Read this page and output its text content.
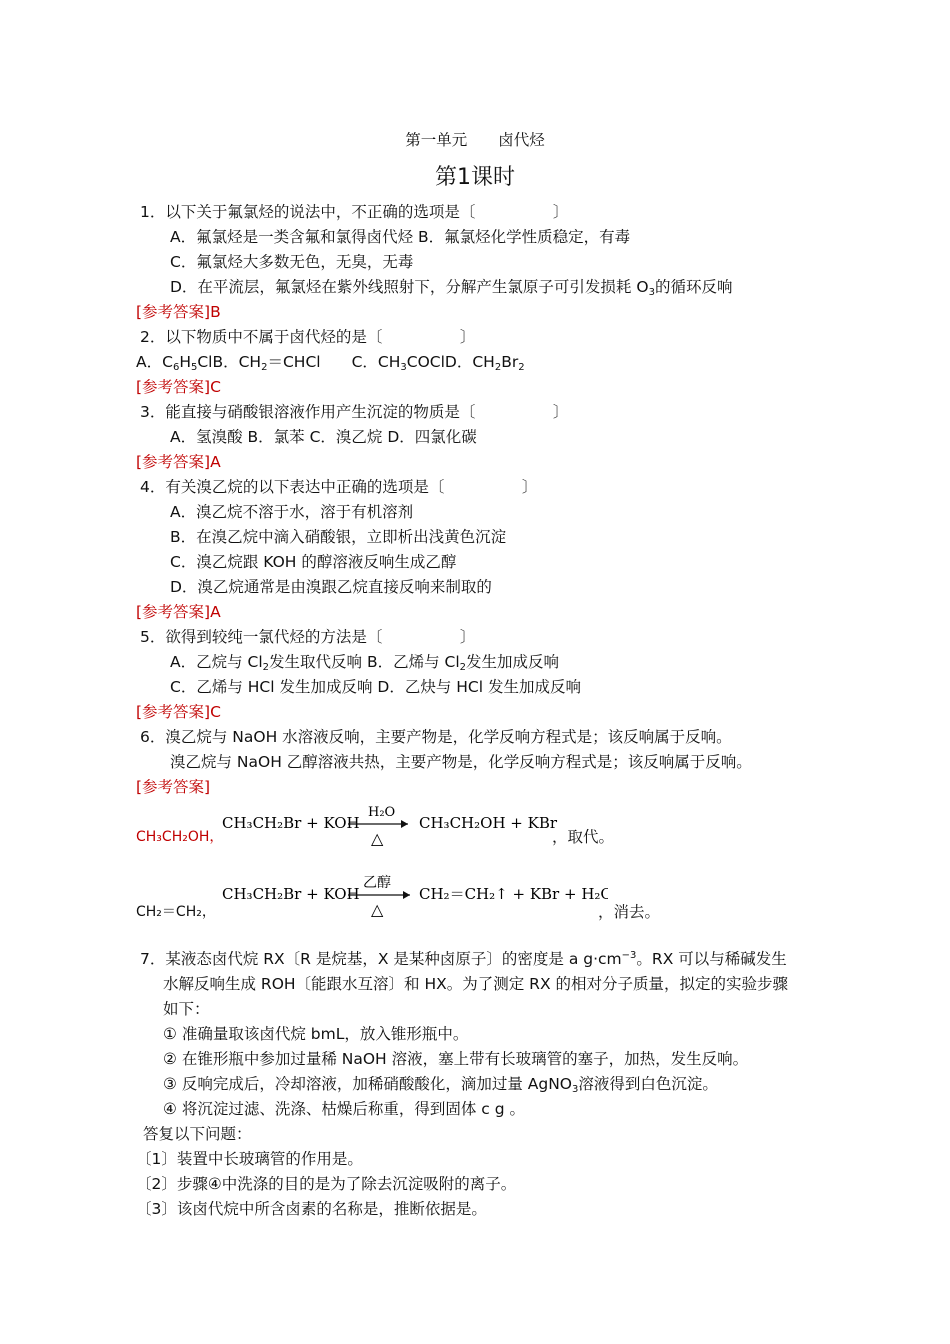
第一单元　　卤代烃
第1课时
1．以下关于氟氯烃的说法中，不正确的选项是〔　　　　　〕
A．氟氯烃是一类含氟和氯得卤代烃 B．氟氯烃化学性质稳定，有毒
C．氟氯烃大多数无色，无臭，无毒
D．在平流层，氟氯烃在紫外线照射下，分解产生氯原子可引发损耗 $O_3$的循环反响
[参考答案]B
2．以下物质中不属于卤代烃的是〔　　　　　〕
A．$C_6H_5ClB$．$CH_2=CHCl$　　C．$CH_3COClD$．$CH_2Br_2$
[参考答案]C
3．能直接与硝酸银溶液作用产生沉淀的物质是〔　　　　　〕
A．氢溴酸 B．氯苯 C．溴乙烷 D．四氯化碳
[参考答案]A
4．有关溴乙烷的以下表达中正确的选项是〔　　　　　〕
A．溴乙烷不溶于水，溶于有机溶剂
B．在溴乙烷中滴入硝酸银，立即析出浅黄色沉淀
C．溴乙烷跟 KOH 的醇溶液反响生成乙醇
D．溴乙烷通常是由溴跟乙烷直接反响来制取的
[参考答案]A
5．欲得到较纯一氯代烃的方法是〔　　　　　〕
A．乙烷与 $Cl_2$发生取代反响 B．乙烯与 $Cl_2$发生加成反响
C．乙烯与 HCl 发生加成反响 D．乙炔与 HCl 发生加成反响
[参考答案]C
6．溴乙烷与 NaOH 水溶液反响，主要产物是，化学反响方程式是；该反响属于反响。
溴乙烷与 NaOH 乙醇溶液共热，主要产物是，化学反响方程式是；该反响属于反响。
[参考答案]
CH₃CH₂OH，
CH₃CH₂Br + KOH
H₂O
△
CH₃CH₂OH + KBr
，取代。
CH₂＝CH₂，
CH₃CH₂Br + KOH
乙醇
△
CH₂＝CH₂↑ + KBr + H₂O
，消去。
7．某液态卤代烷 RX〔R 是烷基，X 是某种卤原子〕的密度是 a $g\cdot cm^{-3}$。RX 可以与稀碱发生
水解反响生成 ROH〔能跟水互溶〕和 HX。为了测定 RX 的相对分子质量，拟定的实验步骤
如下：
① 准确量取该卤代烷 bmL，放入锥形瓶中。
② 在锥形瓶中参加过量稀 NaOH 溶液，塞上带有长玻璃管的塞子，加热，发生反响。
③ 反响完成后，冷却溶液，加稀硝酸酸化，滴加过量 AgNO$_3$溶液得到白色沉淀。
④ 将沉淀过滤、洗涤、枯燥后称重，得到固体 c g 。
答复以下问题：
〔1〕装置中长玻璃管的作用是。
〔2〕步骤④中洗涤的目的是为了除去沉淀吸附的离子。
〔3〕该卤代烷中所含卤素的名称是，推断依据是。
